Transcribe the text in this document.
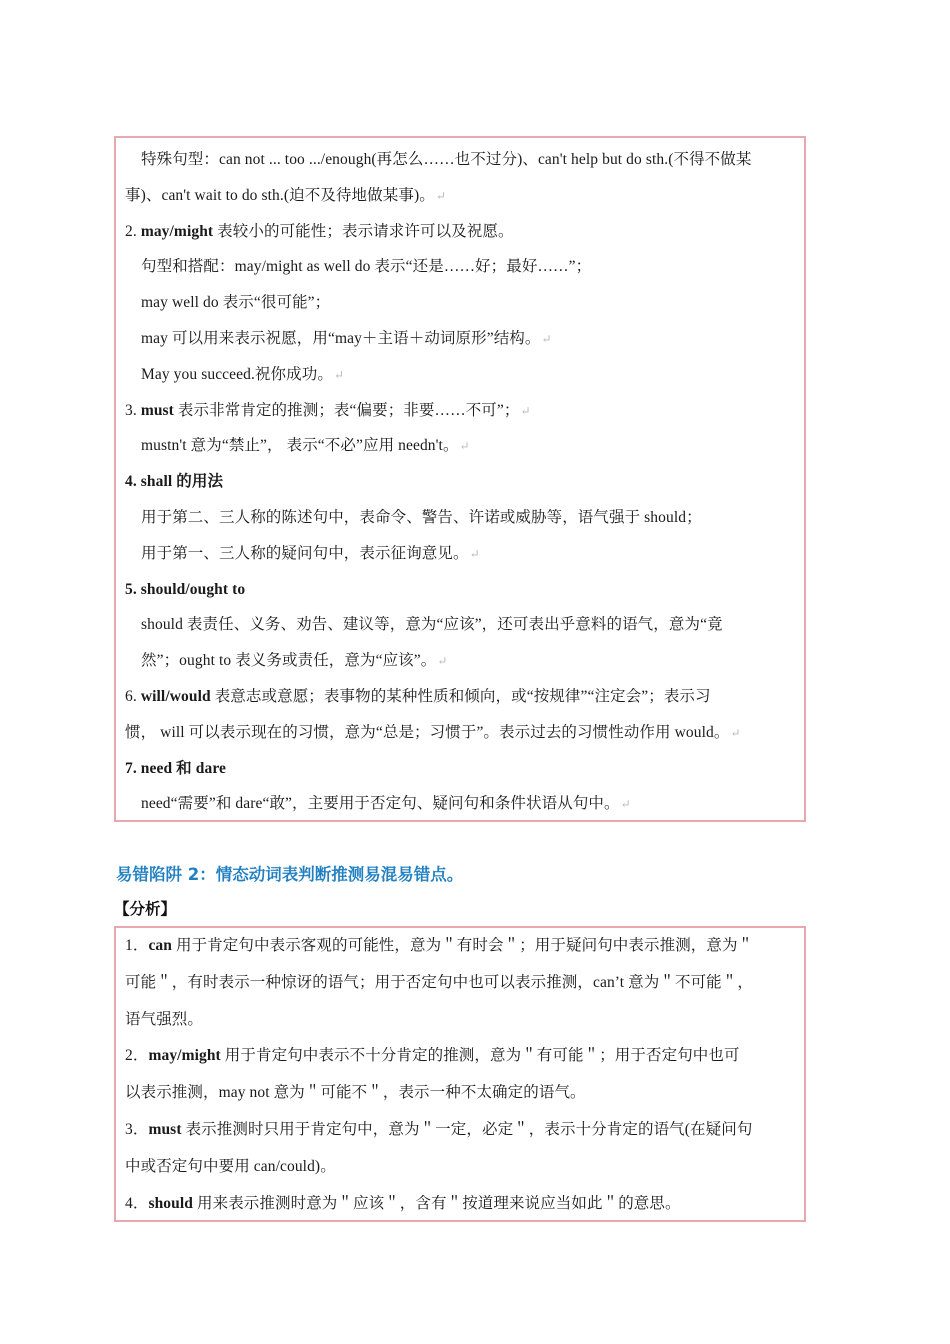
特殊句型：can not ... too .../enough(再怎么……也不过分)、can't help but do sth.(不得不做某
事)、can't wait to do sth.(迫不及待地做某事)。↵
2. may/might 表较小的可能性；表示请求许可以及祝愿。
句型和搭配：may/might as well do 表示“还是……好；最好……”；
may well do 表示“很可能”；
may 可以用来表示祝愿，用“may＋主语＋动词原形”结构。↵
May you succeed.祝你成功。↵
3. must 表示非常肯定的推测；表“偏要；非要……不可”；↵
mustn't 意为“禁止”， 表示“不必”应用 needn't。↵
4. shall 的用法
用于第二、三人称的陈述句中，表命令、警告、许诺或威胁等，语气强于 should；
用于第一、三人称的疑问句中，表示征询意见。↵
5. should/ought to
should 表责任、义务、劝告、建议等，意为“应该”，还可表出乎意料的语气，意为“竟
然”；ought to 表义务或责任，意为“应该”。↵
6. will/would 表意志或意愿；表事物的某种性质和倾向，或“按规律”“注定会”；表示习
惯， will 可以表示现在的习惯，意为“总是；习惯于”。表示过去的习惯性动作用 would。↵
7. need 和 dare
need“需要”和 dare“敢”，主要用于否定句、疑问句和条件状语从句中。↵
易错陷阱 2：情态动词表判断推测易混易错点。
【分析】
1．can 用于肯定句中表示客观的可能性，意为＂有时会＂；用于疑问句中表示推测，意为＂
可能＂，有时表示一种惊讶的语气；用于否定句中也可以表示推测，can’t 意为＂不可能＂，
语气强烈。
2．may/might 用于肯定句中表示不十分肯定的推测，意为＂有可能＂；用于否定句中也可
以表示推测，may not 意为＂可能不＂，表示一种不太确定的语气。
3．must 表示推测时只用于肯定句中，意为＂一定，必定＂，表示十分肯定的语气(在疑问句
中或否定句中要用 can/could)。
4．should 用来表示推测时意为＂应该＂，含有＂按道理来说应当如此＂的意思。
